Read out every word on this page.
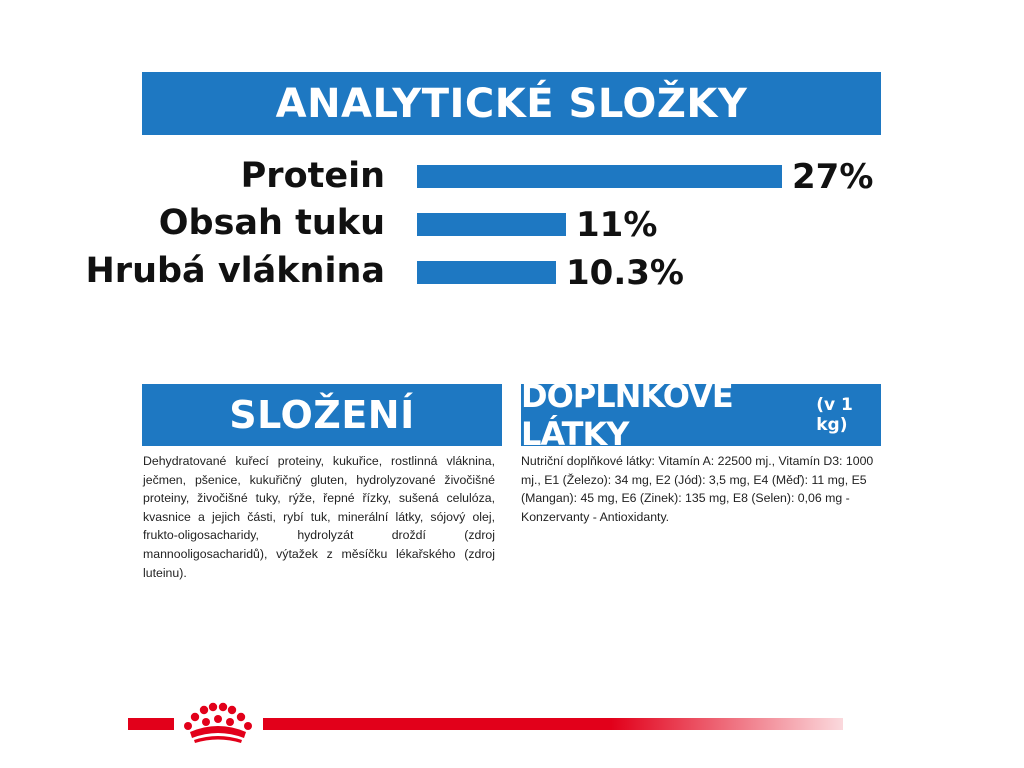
ANALYTICKÉ SLOŽKY
Protein	27%
Obsah tuku	11%
Hrubá vláknina	10.3%
SLOŽENÍ
Dehydratované kuřecí proteiny, kukuřice, rostlinná vláknina, ječmen, pšenice, kukuřičný gluten, hydrolyzované živočišné proteiny, živočišné tuky, rýže, řepné řízky, sušená celulóza, kvasnice a jejich části, rybí tuk, minerální látky, sójový olej, frukto-oligosacharidy, hydrolyzát droždí (zdroj mannooligosacharidů), výtažek z měsíčku lékařského (zdroj luteinu).
DOPLŇKOVÉ LÁTKY
(v 1 kg)
Nutriční doplňkové látky: Vitamín A: 22500 mj., Vitamín D3: 1000 mj., E1 (Železo): 34 mg, E2 (Jód): 3,5 mg, E4 (Měď): 11 mg, E5 (Mangan): 45 mg, E6 (Zinek): 135 mg, E8 (Selen): 0,06 mg - Konzervanty - Antioxidanty.
